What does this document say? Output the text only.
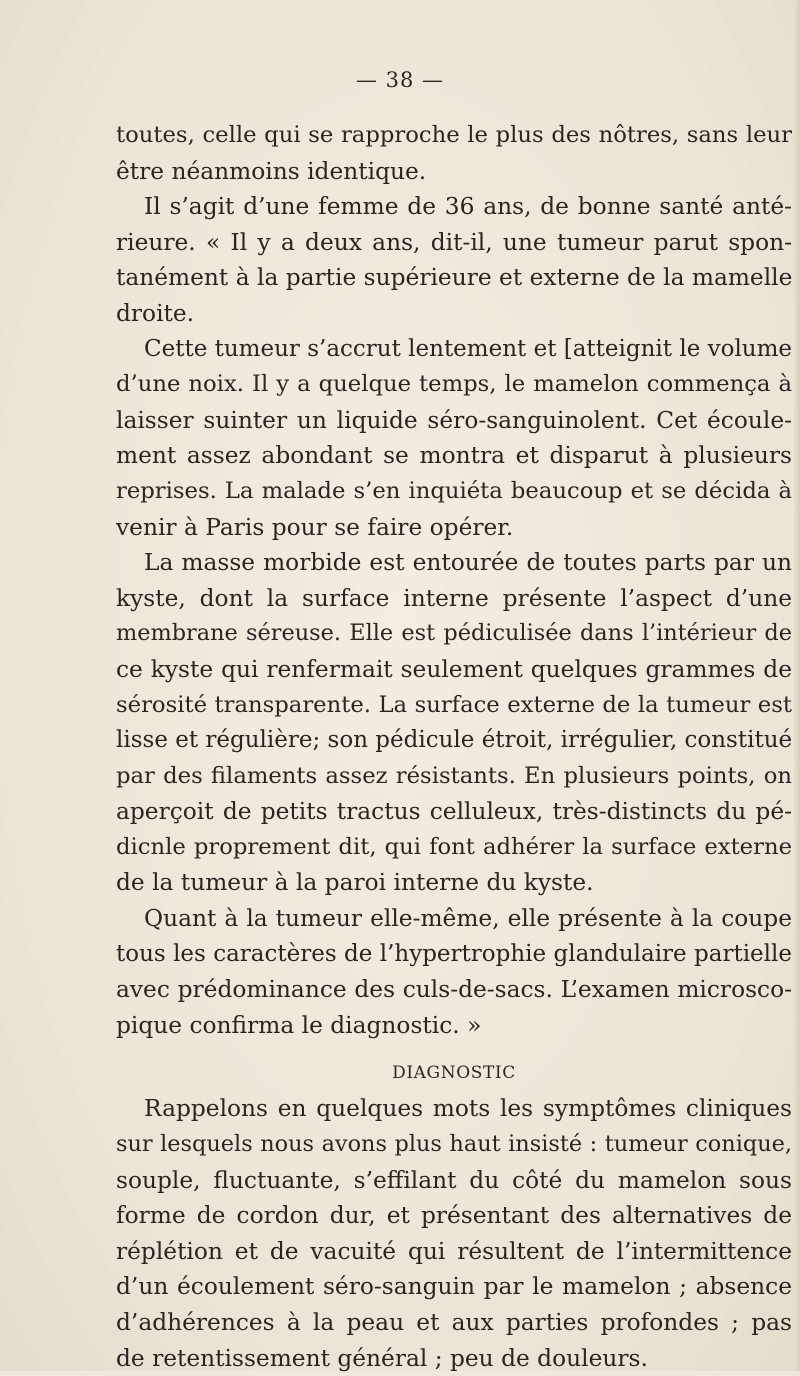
— 38 —
toutes, celle qui se rapproche le plus des nôtres, sans leur
être néanmoins identique.
Il s’agit d’une femme de 36 ans, de bonne santé anté-
rieure. « Il y a deux ans, dit-il, une tumeur parut spon-
tanément à la partie supérieure et externe de la mamelle
droite.
Cette tumeur s’accrut lentement et [atteignit le volume
d’une noix. Il y a quelque temps, le mamelon commença à
laisser suinter un liquide séro-sanguinolent. Cet écoule-
ment assez abondant se montra et disparut à plusieurs
reprises. La malade s’en inquiéta beaucoup et se décida à
venir à Paris pour se faire opérer.
La masse morbide est entourée de toutes parts par un
kyste, dont la surface interne présente l’aspect d’une
membrane séreuse. Elle est pédiculisée dans l’intérieur de
ce kyste qui renfermait seulement quelques grammes de
sérosité transparente. La surface externe de la tumeur est
lisse et régulière; son pédicule étroit, irrégulier, constitué
par des filaments assez résistants. En plusieurs points, on
aperçoit de petits tractus celluleux, très-distincts du pé-
dicnle proprement dit, qui font adhérer la surface externe
de la tumeur à la paroi interne du kyste.
Quant à la tumeur elle-même, elle présente à la coupe
tous les caractères de l’hypertrophie glandulaire partielle
avec prédominance des culs-de-sacs. L’examen microsco-
pique confirma le diagnostic. »
DIAGNOSTIC
Rappelons en quelques mots les symptômes cliniques
sur lesquels nous avons plus haut insisté : tumeur conique,
souple, fluctuante, s’effilant du côté du mamelon sous
forme de cordon dur, et présentant des alternatives de
réplétion et de vacuité qui résultent de l’intermittence
d’un écoulement séro-sanguin par le mamelon ; absence
d’adhérences à la peau et aux parties profondes ; pas
de retentissement général ; peu de douleurs.
